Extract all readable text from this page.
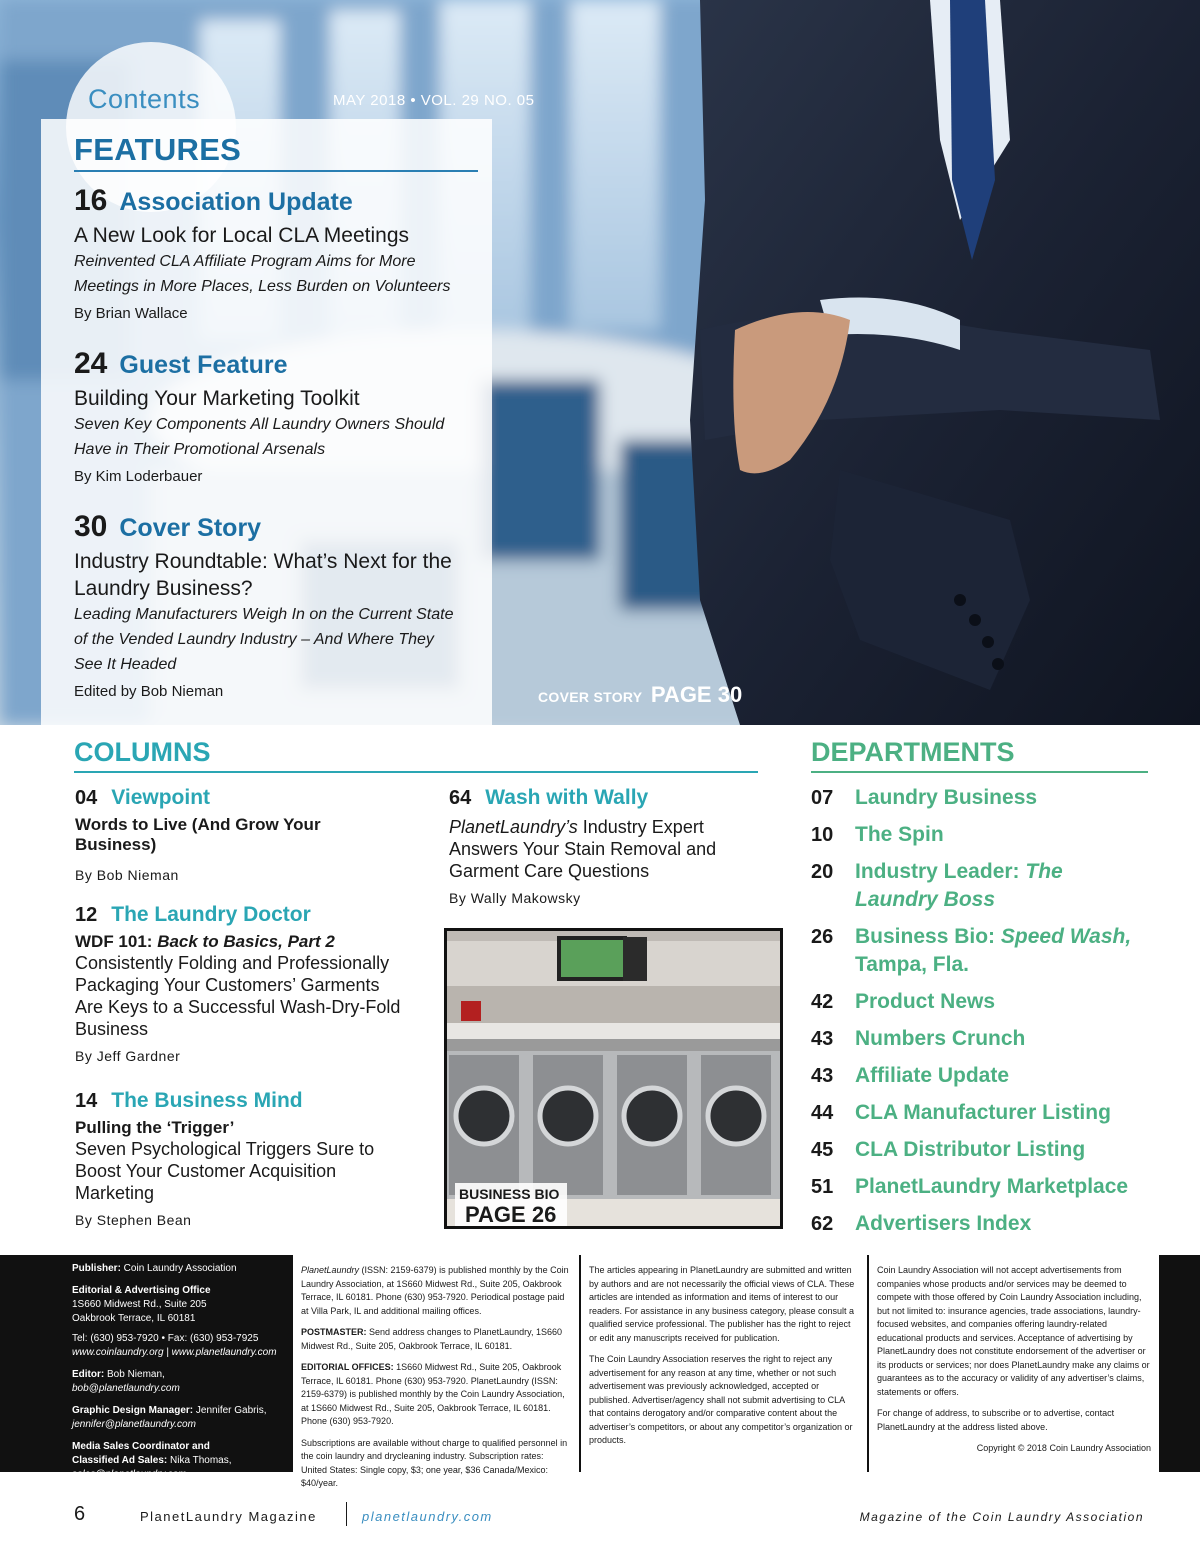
Contents	MAY 2018 • VOL. 29 NO. 05
FEATURES
16 Association Update
A New Look for Local CLA Meetings
Reinvented CLA Affiliate Program Aims for More Meetings in More Places, Less Burden on Volunteers
By Brian Wallace
24 Guest Feature
Building Your Marketing Toolkit
Seven Key Components All Laundry Owners Should Have in Their Promotional Arsenals
By Kim Loderbauer
30 Cover Story
Industry Roundtable: What’s Next for the Laundry Business?
Leading Manufacturers Weigh In on the Current State of the Vended Laundry Industry – And Where They See It Headed
Edited by Bob Nieman	COVER STORY PAGE 30
COLUMNS
04 Viewpoint
Words to Live (And Grow Your Business)
By Bob Nieman
12 The Laundry Doctor
WDF 101: Back to Basics, Part 2
Consistently Folding and Professionally Packaging Your Customers’ Garments Are Keys to a Successful Wash-Dry-Fold Business
By Jeff Gardner
14 The Business Mind
Pulling the ‘Trigger’
Seven Psychological Triggers Sure to Boost Your Customer Acquisition Marketing
By Stephen Bean
64 Wash with Wally
PlanetLaundry’s Industry Expert Answers Your Stain Removal and Garment Care Questions
By Wally Makowsky
BUSINESS BIO
PAGE 26
DEPARTMENTS
07 Laundry Business
10 The Spin
20 Industry Leader: The Laundry Boss
26 Business Bio: Speed Wash,
Tampa, Fla.
42 Product News
43 Numbers Crunch
43 Affiliate Update
44 CLA Manufacturer Listing
45 CLA Distributor Listing
51 PlanetLaundry Marketplace
62 Advertisers Index
Publisher: Coin Laundry Association
Editorial & Advertising Office
1S660 Midwest Rd., Suite 205
Oakbrook Terrace, IL 60181
Tel: (630) 953-7920 • Fax: (630) 953-7925
www.coinlaundry.org | www.planetlaundry.com
Editor: Bob Nieman,
bob@planetlaundry.com
Graphic Design Manager: Jennifer Gabris,
jennifer@planetlaundry.com
Media Sales Coordinator and
Classified Ad Sales: Nika Thomas,
sales@planetlaundry.com

PlanetLaundry (ISSN: 2159-6379) is published monthly by the Coin Laundry Association, at 1S660 Midwest Rd., Suite 205, Oakbrook Terrace, IL 60181. Phone (630) 953-7920. Periodical postage paid at Villa Park, IL and additional mailing offices.

POSTMASTER: Send address changes to PlanetLaundry, 1S660 Midwest Rd., Suite 205, Oakbrook Terrace, IL 60181.

EDITORIAL OFFICES: 1S660 Midwest Rd., Suite 205, Oakbrook Terrace, IL 60181. Phone (630) 953-7920. PlanetLaundry (ISSN: 2159-6379) is published monthly by the Coin Laundry Association, at 1S660 Midwest Rd., Suite 205, Oakbrook Terrace, IL 60181. Phone (630) 953-7920.

Subscriptions are available without charge to qualified personnel in the coin laundry and drycleaning industry. Subscription rates: United States: Single copy, $3; one year, $36 Canada/Mexico: $40/year.

The articles appearing in PlanetLaundry are submitted and written by authors and are not necessarily the official views of CLA. These articles are intended as information and items of interest to our readers. For assistance in any business category, please consult a qualified service professional. The publisher has the right to reject or edit any manuscripts received for publication.

The Coin Laundry Association reserves the right to reject any advertisement for any reason at any time, whether or not such advertisement was previously acknowledged, accepted or published. Advertiser/agency shall not submit advertising to CLA that contains derogatory and/or comparative content about the advertiser’s competitors, or about any competitor’s organization or products.

Coin Laundry Association will not accept advertisements from companies whose products and/or services may be deemed to compete with those offered by Coin Laundry Association including, but not limited to: insurance agencies, trade associations, laundry-focused websites, and companies offering laundry-related educational products and services. Acceptance of advertising by PlanetLaundry does not constitute endorsement of the advertiser or its products or services; nor does PlanetLaundry make any claims or guarantees as to the accuracy or validity of any advertiser’s claims, statements or offers.

For change of address, to subscribe or to advertise, contact PlanetLaundry at the address listed above.

Copyright © 2018 Coin Laundry Association

6	PlanetLaundry Magazine	planetlaundry.com	Magazine of the Coin Laundry Association
